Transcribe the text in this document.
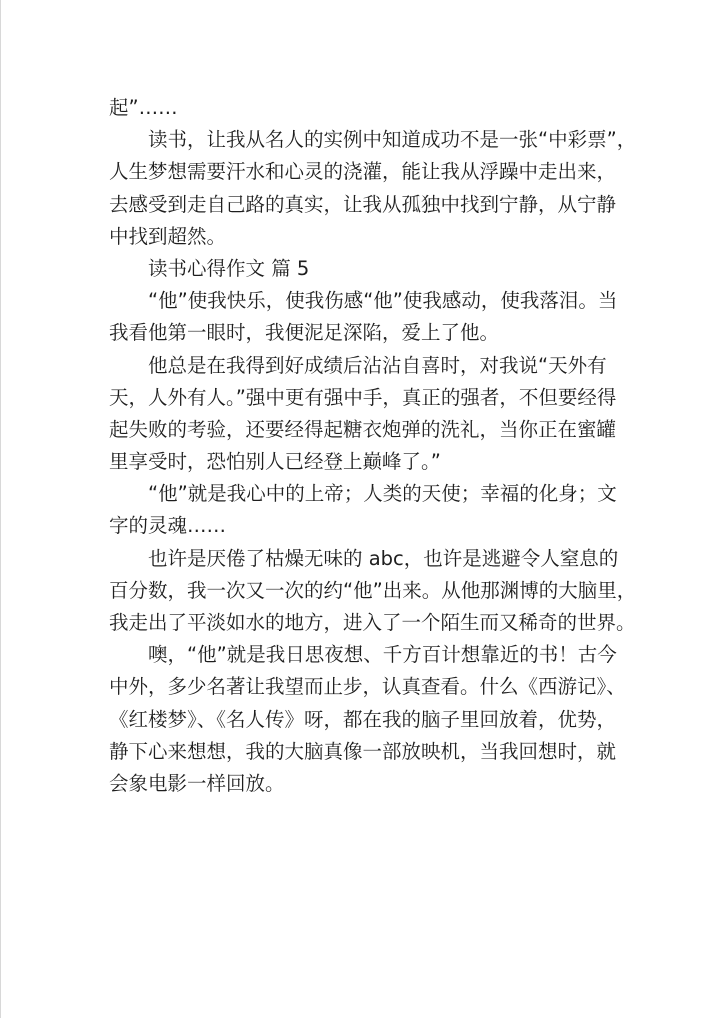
起”……
读书，让我从名人的实例中知道成功不是一张“中彩票”，
人生梦想需要汗水和心灵的浇灌，能让我从浮躁中走出来，
去感受到走自己路的真实，让我从孤独中找到宁静，从宁静
中找到超然。
读书心得作文 篇 5
“他”使我快乐，使我伤感“他”使我感动，使我落泪。当
我看他第一眼时，我便泥足深陷，爱上了他。
他总是在我得到好成绩后沾沾自喜时，对我说“天外有
天，人外有人。”强中更有强中手，真正的强者，不但要经得
起失败的考验，还要经得起糖衣炮弹的洗礼，当你正在蜜罐
里享受时，恐怕别人已经登上巅峰了。”
“他”就是我心中的上帝；人类的天使；幸福的化身；文
字的灵魂……
也许是厌倦了枯燥无味的 abc，也许是逃避令人窒息的
百分数，我一次又一次的约“他”出来。从他那渊博的大脑里，
我走出了平淡如水的地方，进入了一个陌生而又稀奇的世界。
噢，“他”就是我日思夜想、千方百计想靠近的书！古今
中外，多少名著让我望而止步，认真查看。什么《西游记》、
《红楼梦》、《名人传》呀，都在我的脑子里回放着，优势，
静下心来想想，我的大脑真像一部放映机，当我回想时，就
会象电影一样回放。
